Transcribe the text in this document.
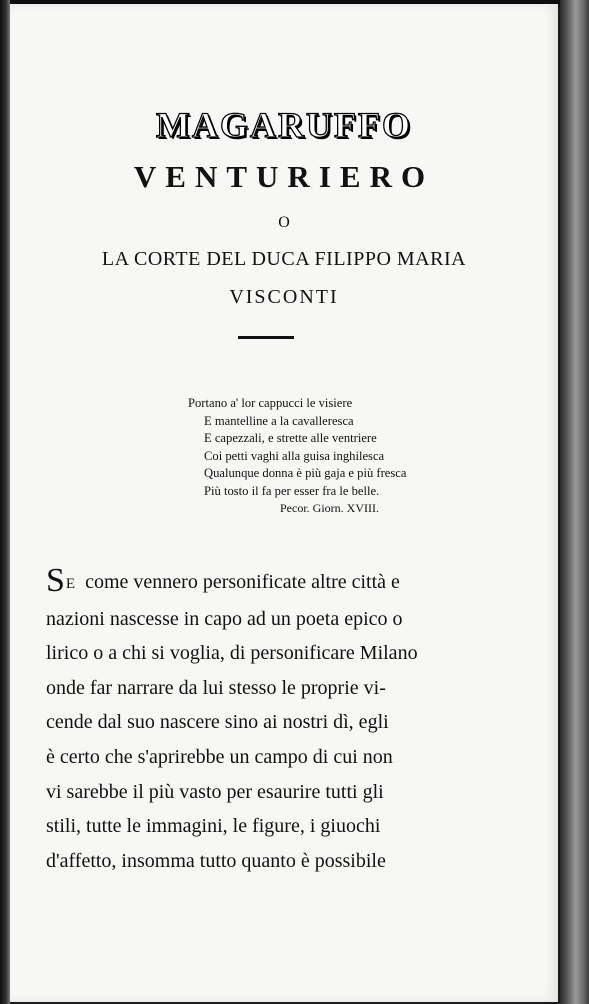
MAGARUFFO
VENTURIERO
O
LA CORTE DEL DUCA FILIPPO MARIA
VISCONTI
Portano a' lor cappucci le visiere
E mantelline a la cavalleresca
E capezzali, e strette alle ventriere
Coi petti vaghi alla guisa inghilesca
Qualunque donna è più gaja e più fresca
Più tosto il fa per esser fra le belle.
Pecor. Giorn. XVIII.
SE come vennero personificate altre città e
nazioni nascesse in capo ad un poeta epico o
lirico o a chi si voglia, di personificare Milano
onde far narrare da lui stesso le proprie vi-
cende dal suo nascere sino ai nostri dì, egli
è certo che s'aprirebbe un campo di cui non
vi sarebbe il più vasto per esaurire tutti gli
stili, tutte le immagini, le figure, i giuochi
d'affetto, insomma tutto quanto è possibile
